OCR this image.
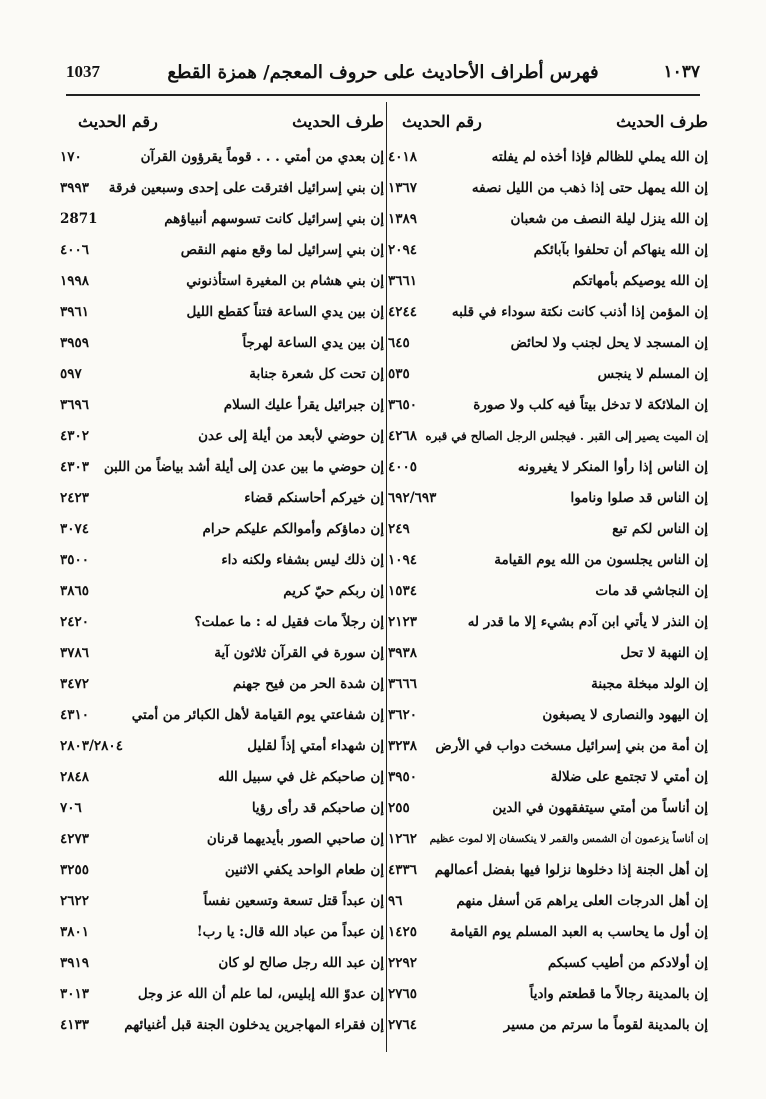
1037	فهرس أطراف الأحاديث على حروف المعجم/ همزة القطع	١٠٣٧
طرف الحديث
رقم الحديث
إن الله يملي للظالم فإذا أخذه لم يفلته
٤٠١٨
إن الله يمهل حتى إذا ذهب من الليل نصفه
١٣٦٧
إن الله ينزل ليلة النصف من شعبان
١٣٨٩
إن الله ينهاكم أن تحلفوا بآبائكم
٢٠٩٤
إن الله يوصيكم بأمهاتكم
٣٦٦١
إن المؤمن إذا أذنب كانت نكتة سوداء في قلبه
٤٢٤٤
إن المسجد لا يحل لجنب ولا لحائض
٦٤٥
إن المسلم لا ينجس
٥٣٥
إن الملائكة لا تدخل بيتاً فيه كلب ولا صورة
٣٦٥٠
إن الميت يصير إلى القبر . فيجلس الرجل الصالح في قبره
٤٢٦٨
إن الناس إذا رأوا المنكر لا يغيرونه
٤٠٠٥
إن الناس قد صلوا وناموا
٦٩٢/٦٩٣
إن الناس لكم تبع
٢٤٩
إن الناس يجلسون من الله يوم القيامة
١٠٩٤
إن النجاشي قد مات
١٥٣٤
إن النذر لا يأتي ابن آدم بشيء إلا ما قدر له
٢١٢٣
إن النهبة لا تحل
٣٩٣٨
إن الولد مبخلة مجبنة
٣٦٦٦
إن اليهود والنصارى لا يصبغون
٣٦٢٠
إن أمة من بني إسرائيل مسخت دواب في الأرض
٣٢٣٨
إن أمتي لا تجتمع على ضلالة
٣٩٥٠
إن أناساً من أمتي سيتفقهون في الدين
٢٥٥
إن أناساً يزعمون أن الشمس والقمر لا ينكسفان إلا لموت عظيم
١٢٦٢
إن أهل الجنة إذا دخلوها نزلوا فيها بفضل أعمالهم
٤٣٣٦
إن أهل الدرجات العلى يراهم مَن أسفل منهم
٩٦
إن أول ما يحاسب به العبد المسلم يوم القيامة
١٤٢٥
إن أولادكم من أطيب كسبكم
٢٢٩٢
إن بالمدينة رجالاً ما قطعتم وادياً
٢٧٦٥
إن بالمدينة لقوماً ما سرتم من مسير
٢٧٦٤
طرف الحديث
رقم الحديث
إن بعدي من أمتي . . . قوماً يقرؤون القرآن
١٧٠
إن بني إسرائيل افترقت على إحدى وسبعين فرقة
٣٩٩٣
إن بني إسرائيل كانت تسوسهم أنبياؤهم
2871
إن بني إسرائيل لما وقع منهم النقص
٤٠٠٦
إن بني هشام بن المغيرة استأذنوني
١٩٩٨
إن بين يدي الساعة فتناً كقطع الليل
٣٩٦١
إن بين يدي الساعة لهرجاً
٣٩٥٩
إن تحت كل شعرة جنابة
٥٩٧
إن جبرائيل يقرأ عليك السلام
٣٦٩٦
إن حوضي لأبعد من أيلة إلى عدن
٤٣٠٢
إن حوضي ما بين عدن إلى أيلة أشد بياضاً من اللبن
٤٣٠٣
إن خيركم أحاسنكم قضاء
٢٤٢٣
إن دماؤكم وأموالكم عليكم حرام
٣٠٧٤
إن ذلك ليس بشفاء ولكنه داء
٣٥٠٠
إن ربكم حيّ كريم
٣٨٦٥
إن رجلاً مات فقيل له : ما عملت؟
٢٤٢٠
إن سورة في القرآن ثلاثون آية
٣٧٨٦
إن شدة الحر من فيح جهنم
٣٤٧٢
إن شفاعتي يوم القيامة لأهل الكبائر من أمتي
٤٣١٠
إن شهداء أمتي إذاً لقليل
٢٨٠٣/٢٨٠٤
إن صاحبكم غل في سبيل الله
٢٨٤٨
إن صاحبكم قد رأى رؤيا
٧٠٦
إن صاحبي الصور بأيديهما قرنان
٤٢٧٣
إن طعام الواحد يكفي الاثنين
٣٢٥٥
إن عبداً قتل تسعة وتسعين نفساً
٢٦٢٢
إن عبداً من عباد الله قال: يا رب!
٣٨٠١
إن عبد الله رجل صالح لو كان
٣٩١٩
إن عدوّ الله إبليس، لما علم أن الله عز وجل
٣٠١٣
إن فقراء المهاجرين يدخلون الجنة قبل أغنيائهم
٤١٣٣
